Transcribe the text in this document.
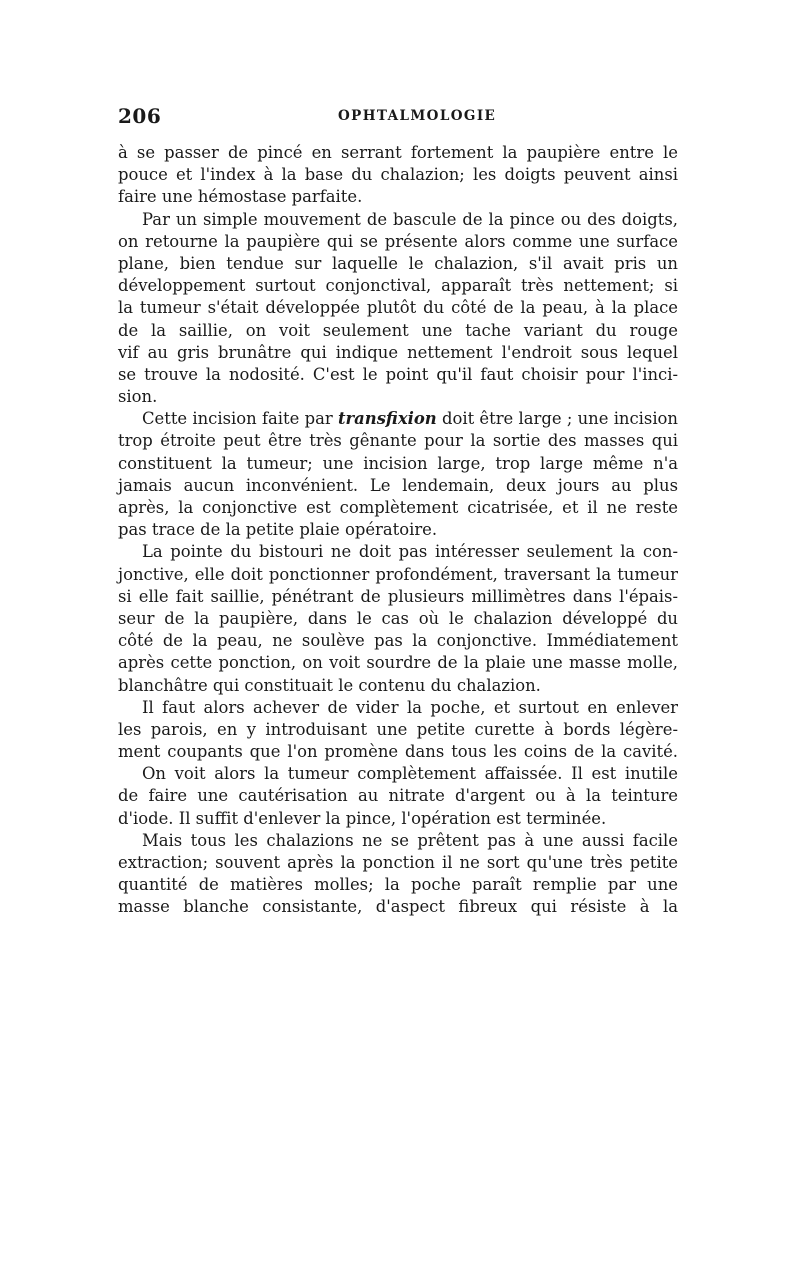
206	OPHTALMOLOGIE
à se passer de pincé en serrant fortement la paupière entre le
pouce et l'index à la base du chalazion; les doigts peuvent ainsi
faire une hémostase parfaite.
Par un simple mouvement de bascule de la pince ou des doigts,
on retourne la paupière qui se présente alors comme une surface
plane, bien tendue sur laquelle le chalazion, s'il avait pris un
développement surtout conjonctival, apparaît très nettement; si
la tumeur s'était développée plutôt du côté de la peau, à la place
de la saillie, on voit seulement une tache variant du rouge
vif au gris brunâtre qui indique nettement l'endroit sous lequel
se trouve la nodosité. C'est le point qu'il faut choisir pour l'inci-
sion.
Cette incision faite par transfixion doit être large ; une incision
trop étroite peut être très gênante pour la sortie des masses qui
constituent la tumeur; une incision large, trop large même n'a
jamais aucun inconvénient. Le lendemain, deux jours au plus
après, la conjonctive est complètement cicatrisée, et il ne reste
pas trace de la petite plaie opératoire.
La pointe du bistouri ne doit pas intéresser seulement la con-
jonctive, elle doit ponctionner profondément, traversant la tumeur
si elle fait saillie, pénétrant de plusieurs millimètres dans l'épais-
seur de la paupière, dans le cas où le chalazion développé du
côté de la peau, ne soulève pas la conjonctive. Immédiatement
après cette ponction, on voit sourdre de la plaie une masse molle,
blanchâtre qui constituait le contenu du chalazion.
Il faut alors achever de vider la poche, et surtout en enlever
les parois, en y introduisant une petite curette à bords légère-
ment coupants que l'on promène dans tous les coins de la cavité.
On voit alors la tumeur complètement affaissée. Il est inutile
de faire une cautérisation au nitrate d'argent ou à la teinture
d'iode. Il suffit d'enlever la pince, l'opération est terminée.
Mais tous les chalazions ne se prêtent pas à une aussi facile
extraction; souvent après la ponction il ne sort qu'une très petite
quantité de matières molles; la poche paraît remplie par une
masse blanche consistante, d'aspect fibreux qui résiste à la
